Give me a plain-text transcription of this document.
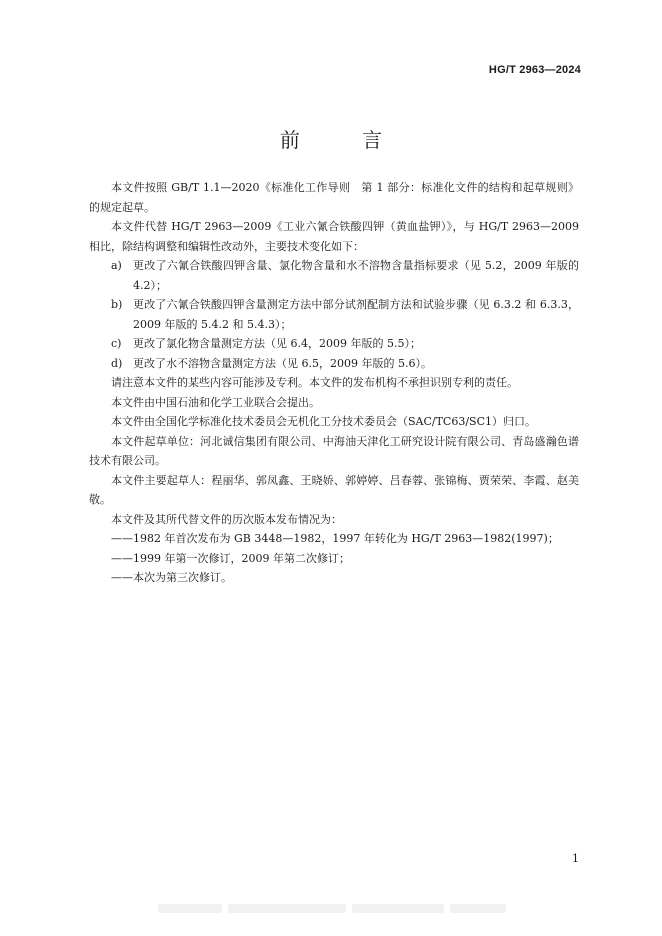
HG/T 2963—2024
前 言

本文件按照 GB/T 1.1—2020《标准化工作导则　第 1 部分：标准化文件的结构和起草规则》的规定起草。

本文件代替 HG/T 2963—2009《工业六氰合铁酸四钾（黄血盐钾）》，与 HG/T 2963—2009 相比，除结构调整和编辑性改动外，主要技术变化如下：

a)	更改了六氰合铁酸四钾含量、氯化物含量和水不溶物含量指标要求（见 5.2，2009 年版的 4.2）；
b) 更改了六氰合铁酸四钾含量测定方法中部分试剂配制方法和试验步骤（见 6.3.2 和 6.3.3，2009 年版的 5.4.2 和 5.4.3）；
c)	更改了氯化物含量测定方法（见 6.4，2009 年版的 5.5）；
d) 更改了水不溶物含量测定方法（见 6.5，2009 年版的 5.6）。

请注意本文件的某些内容可能涉及专利。本文件的发布机构不承担识别专利的责任。

本文件由中国石油和化学工业联合会提出。

本文件由全国化学标准化技术委员会无机化工分技术委员会（SAC/TC63/SC1）归口。

本文件起草单位：河北诚信集团有限公司、中海油天津化工研究设计院有限公司、青岛盛瀚色谱技术有限公司。

本文件主要起草人：程丽华、郭凤鑫、王晓娇、郭婷婷、吕春蓉、张锦梅、贾荣荣、李霞、赵美敬。

本文件及其所代替文件的历次版本发布情况为：

——1982 年首次发布为 GB 3448—1982，1997 年转化为 HG/T 2963—1982(1997)；

——1999 年第一次修订，2009 年第二次修订；

——本次为第三次修订。

1
